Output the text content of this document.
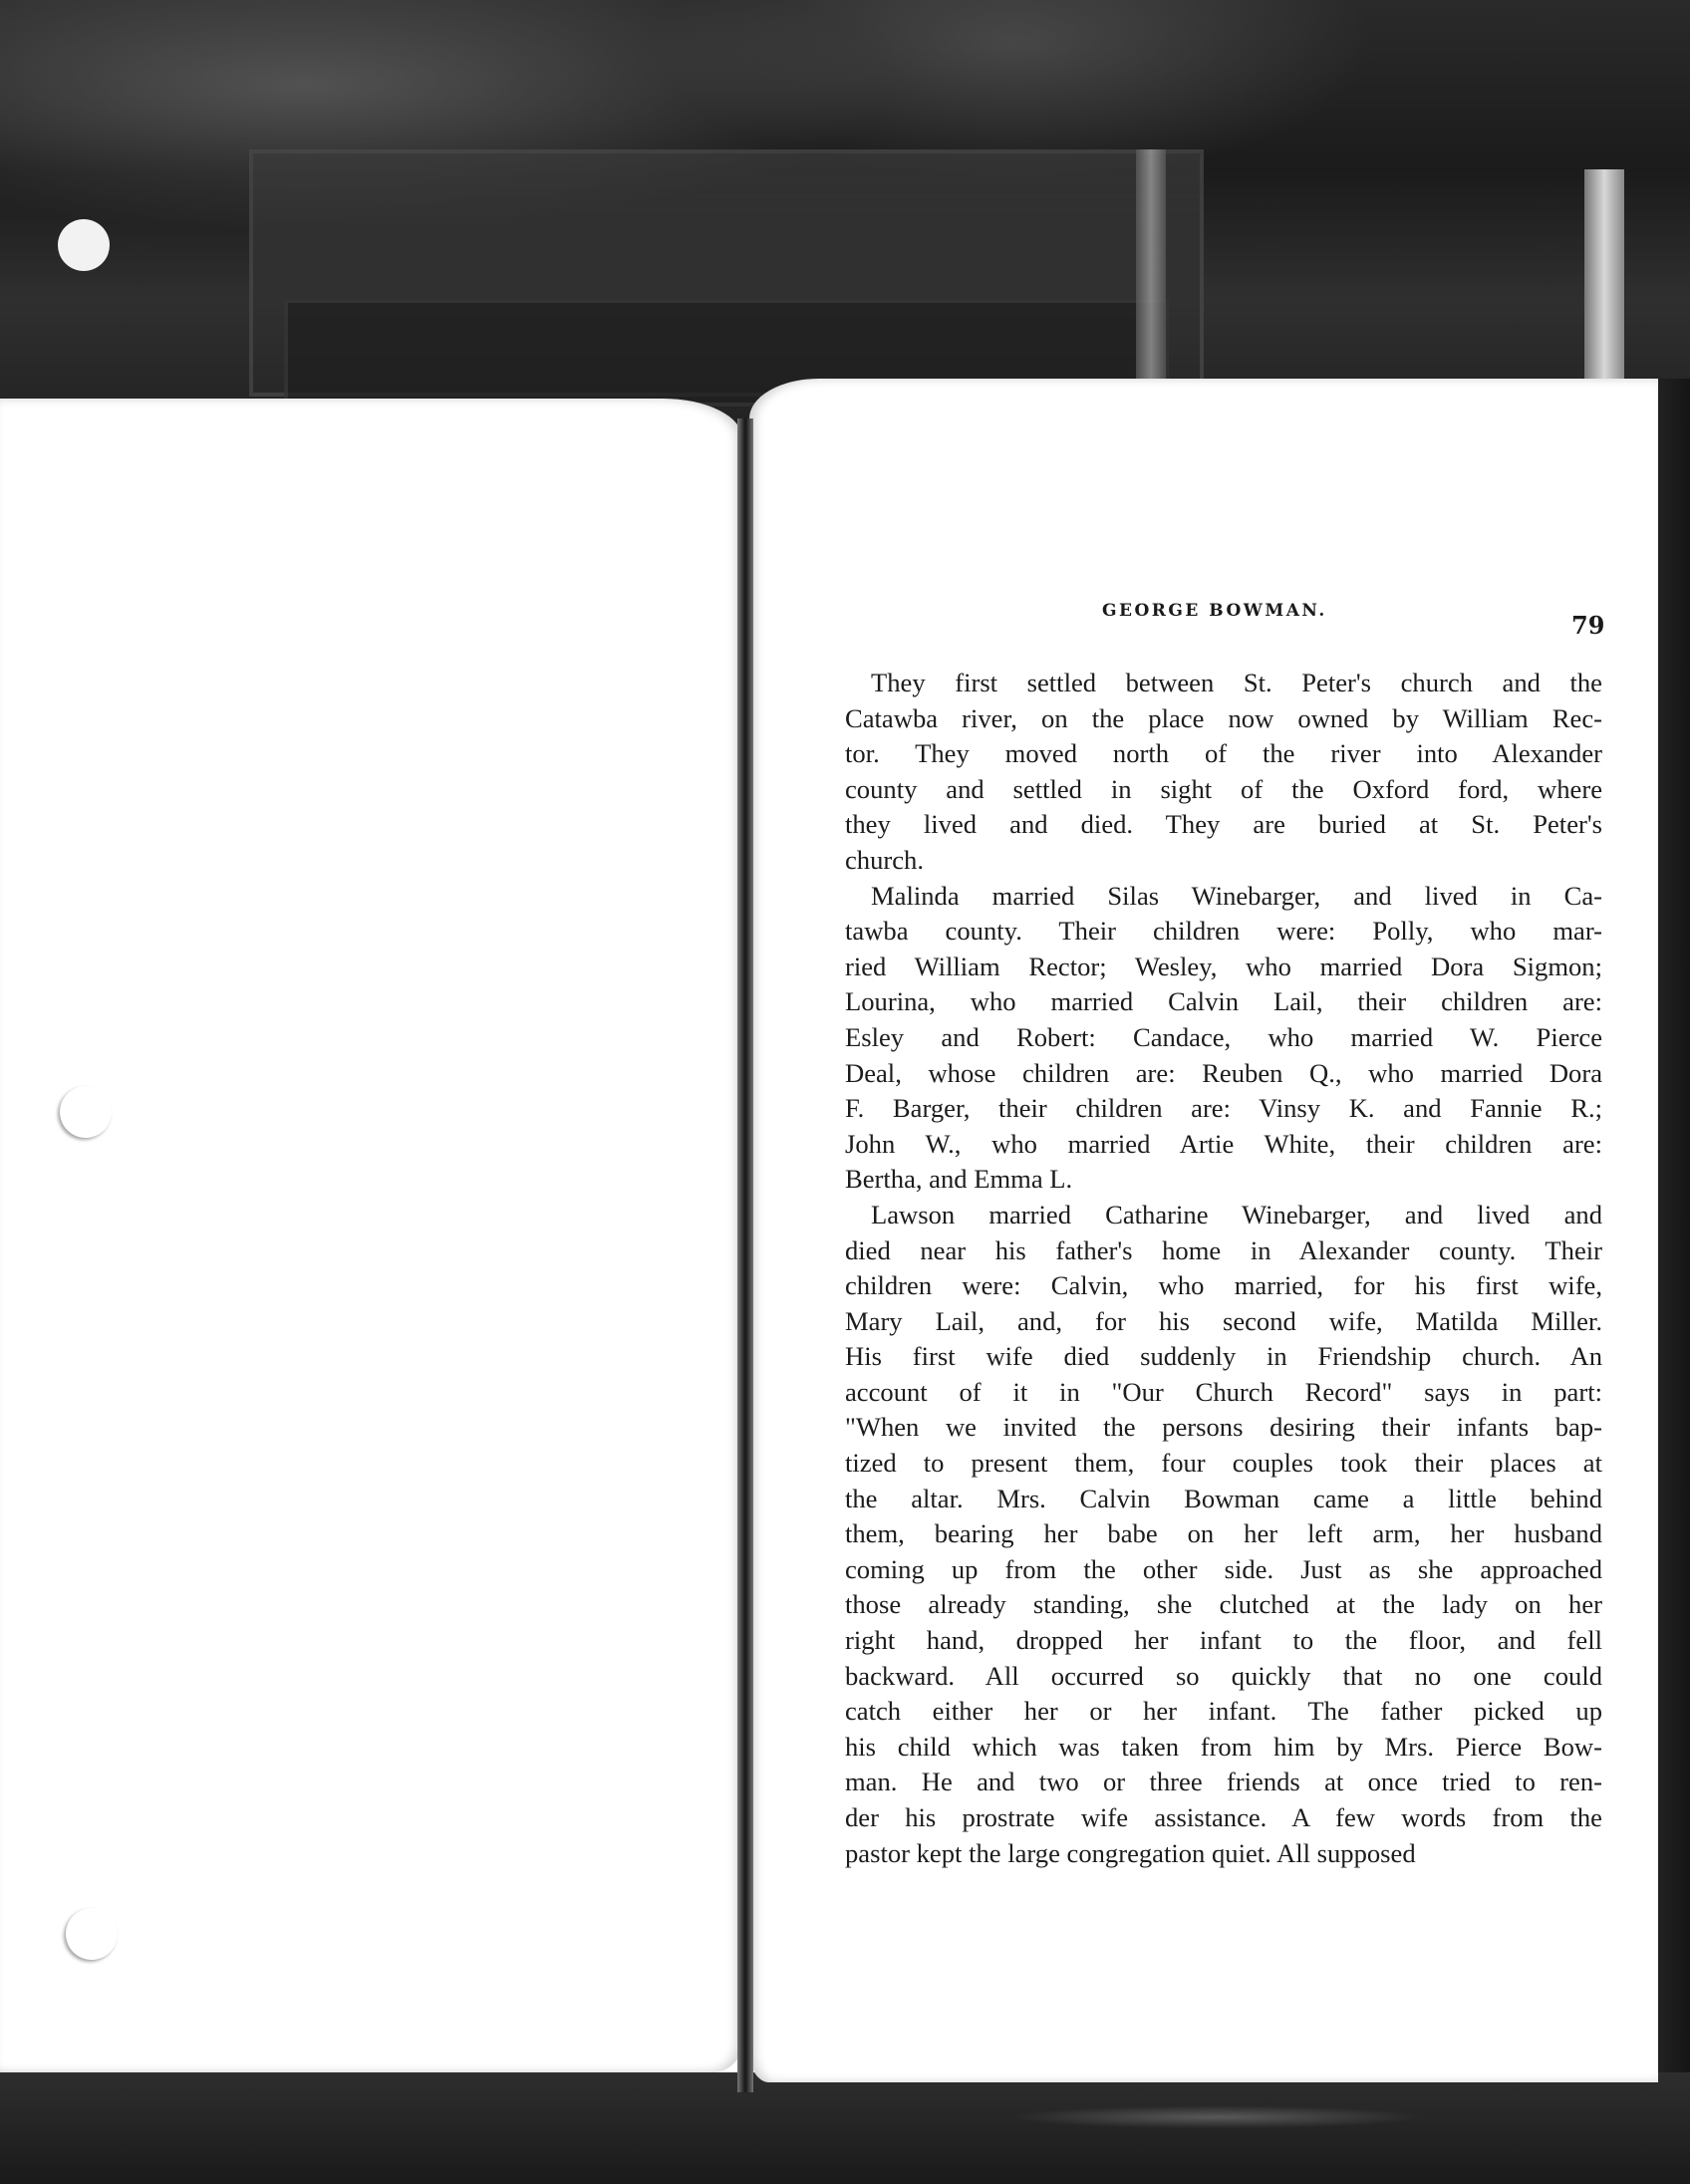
GEORGE BOWMAN.	79
They first settled between St. Peter's church and the
Catawba river, on the place now owned by William Rec-
tor. They moved north of the river into Alexander
county and settled in sight of the Oxford ford, where
they lived and died. They are buried at St. Peter's
church.
Malinda married Silas Winebarger, and lived in Ca-
tawba county. Their children were: Polly, who mar-
ried William Rector; Wesley, who married Dora Sigmon;
Lourina, who married Calvin Lail, their children are:
Esley and Robert: Candace, who married W. Pierce
Deal, whose children are: Reuben Q., who married Dora
F. Barger, their children are: Vinsy K. and Fannie R.;
John W., who married Artie White, their children are:
Bertha, and Emma L.
Lawson married Catharine Winebarger, and lived and
died near his father's home in Alexander county. Their
children were: Calvin, who married, for his first wife,
Mary Lail, and, for his second wife, Matilda Miller.
His first wife died suddenly in Friendship church. An
account of it in "Our Church Record" says in part:
"When we invited the persons desiring their infants bap-
tized to present them, four couples took their places at
the altar. Mrs. Calvin Bowman came a little behind
them, bearing her babe on her left arm, her husband
coming up from the other side. Just as she approached
those already standing, she clutched at the lady on her
right hand, dropped her infant to the floor, and fell
backward. All occurred so quickly that no one could
catch either her or her infant. The father picked up
his child which was taken from him by Mrs. Pierce Bow-
man. He and two or three friends at once tried to ren-
der his prostrate wife assistance. A few words from the
pastor kept the large congregation quiet. All supposed
